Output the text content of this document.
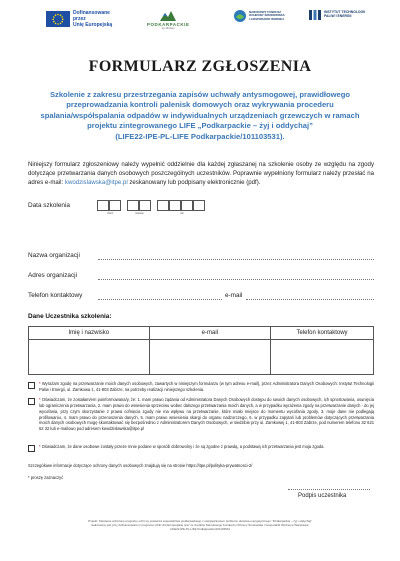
Dofinansowane przez
Unię Europejską	PODKARPACKIE
ku zdrowiu
NARODOWY FUNDUSZ
OCHRONY ŚRODOWISKA
I GOSPODARKI WODNEJ
INSTYTUT TECHNOLOGII
PALIW I ENERGII
FORMULARZ ZGŁOSZENIA
Szkolenie z zakresu przestrzegania zapisów uchwały antysmogowej, prawidłowego
przeprowadzania kontroli palenisk domowych oraz wykrywania procederu
spalania/współspalania odpadów w indywidualnych urządzeniach grzewczych w ramach
projektu zintegrowanego LIFE „Podkarpackie – żyj i oddychaj”
(LIFE22-IPE-PL-LIFE Podkarpackie/101103531).
Niniejszy formularz zgłoszeniowy należy wypełnić oddzielnie dla każdej zgłaszanej na szkolenie osoby ze względu na zgody dotyczące przetwarzania danych osobowych poszczególnych uczestników. Poprawnie wypełniony formularz należy przesłać na adres e-mail: kwodzislawska@itpe.pl zeskanowany lub podpisany elektronicznie (pdf).
Data szkolenia
dzień	miesiąc	rok
Nazwa organizacji
Adres organizacji
Telefon kontaktowy	e-mail
Dane Uczestnika szkolenia:
Imię i nazwisko	e-mail	Telefon kontaktowy

* Wyrażam zgodę na przetwarzanie moich danych osobowych, zawartych w niniejszym formularzu (w tym adresu e-mail), przez Administratora Danych Osobowych: Instytut Technologii Paliw i Energii, ul. Zamkowa 1, 41-803 Zabrze, na potrzeby realizacji niniejszego szkolenia.
* Oświadczam, że zostałam/em poinformowana/y, że: 1. mam prawo żądania od Administratora Danych Osobowych dostępu do swoich danych osobowych, ich sprostowania, usunięcia lub ograniczenia przetwarzania, 2. mam prawo do wniesienia sprzeciwu wobec dalszego przetwarzania moich danych, a w przypadku wyrażenia zgody na przetwarzanie danych - do jej wycofania, przy czym skorzystanie z prawa cofnięcia zgody nie ma wpływu na przetwarzanie, które miało miejsce do momentu wycofania zgody, 3. moje dane nie podlegają profilowaniu, 4. mam prawo do przenoszenia danych, 5. mam prawo wniesienia skargi do organu nadzorczego, 6. w przypadku zapytań lub problemów dotyczących przetwarzania moich danych osobowych mogę skontaktować się bezpośrednio z Administratorem Danych Osobowych, w siedzibie przy ul. Zamkowej 1, 41-803 Zabrze, pod numerem telefonu 32 621 62 32 lub e-mailowo pod adresem kwodzislawska@itpe.pl
* Oświadczam, że dane osobowe zostały przeze mnie podane w sposób dobrowolny i że są zgodne z prawdą, a podstawą ich przetwarzania jest moja zgoda.
Szczegółowe informacje dotyczące ochrony danych osobowych znajdują się na stronie https://itpe.pl/polityka-prywatnosci-2/
* proszę zaznaczyć
Podpis uczestnika
Projekt: Szkolenie wdrożone programu ochrony powietrza województwa podkarpackiego z uwzględnieniem problemu ubóstwa energetycznego "Podkarpackie – żyj i oddychaj"
realizowany jest przy dofinansowaniu z programu LIFE Unii Europejskiej oraz ze środków Narodowego Funduszu Ochrony Środowiska i Gospodarki Wodnej w Warszawie.
LIFE22-IPE-PL-LIFE Podkarpackie/101103531
